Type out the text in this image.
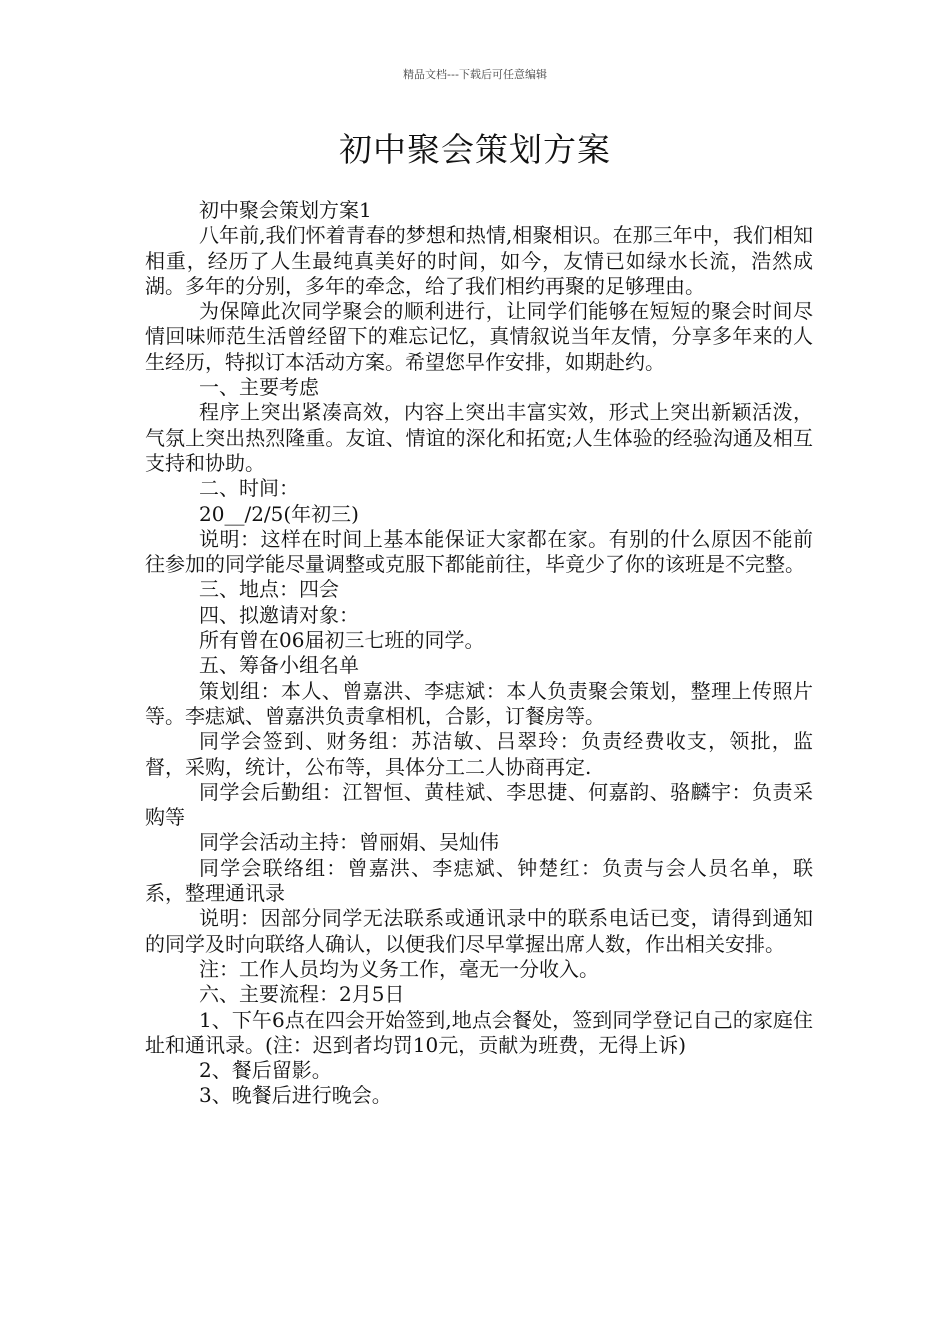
精品文档---下载后可任意编辑
初中聚会策划方案

初中聚会策划方案1

八年前,我们怀着青春的梦想和热情,相聚相识。在那三年中，我们相知相重，经历了人生最纯真美好的时间，如今，友情已如绿水长流，浩然成湖。多年的分别，多年的牵念，给了我们相约再聚的足够理由。

为保障此次同学聚会的顺利进行，让同学们能够在短短的聚会时间尽情回味师范生活曾经留下的难忘记忆，真情叙说当年友情，分享多年来的人生经历，特拟订本活动方案。希望您早作安排，如期赴约。

一、主要考虑

程序上突出紧凑高效，内容上突出丰富实效，形式上突出新颖活泼，气氛上突出热烈隆重。友谊、情谊的深化和拓宽;人生体验的经验沟通及相互支持和协助。

二、时间：

20__/2/5(年初三)

说明：这样在时间上基本能保证大家都在家。有别的什么原因不能前往参加的同学能尽量调整或克服下都能前往，毕竟少了你的该班是不完整。

三、地点：四会

四、拟邀请对象：

所有曾在06届初三七班的同学。

五、筹备小组名单

策划组：本人、曾嘉洪、李痣斌：本人负责聚会策划，整理上传照片等。李痣斌、曾嘉洪负责拿相机，合影，订餐房等。

同学会签到、财务组：苏洁敏、吕翠玲：负责经费收支，领批，监督，采购，统计，公布等，具体分工二人协商再定.

同学会后勤组：江智恒、黄桂斌、李思捷、何嘉韵、骆麟宇：负责采购等

同学会活动主持：曾丽娟、吴灿伟

同学会联络组：曾嘉洪、李痣斌、钟楚红：负责与会人员名单，联系，整理通讯录

说明：因部分同学无法联系或通讯录中的联系电话已变，请得到通知的同学及时向联络人确认，以便我们尽早掌握出席人数，作出相关安排。

注：工作人员均为义务工作，毫无一分收入。

六、主要流程：2月5日

1、下午6点在四会开始签到,地点会餐处，签到同学登记自己的家庭住址和通讯录。(注：迟到者均罚10元，贡献为班费，无得上诉)

2、餐后留影。

3、晚餐后进行晚会。
